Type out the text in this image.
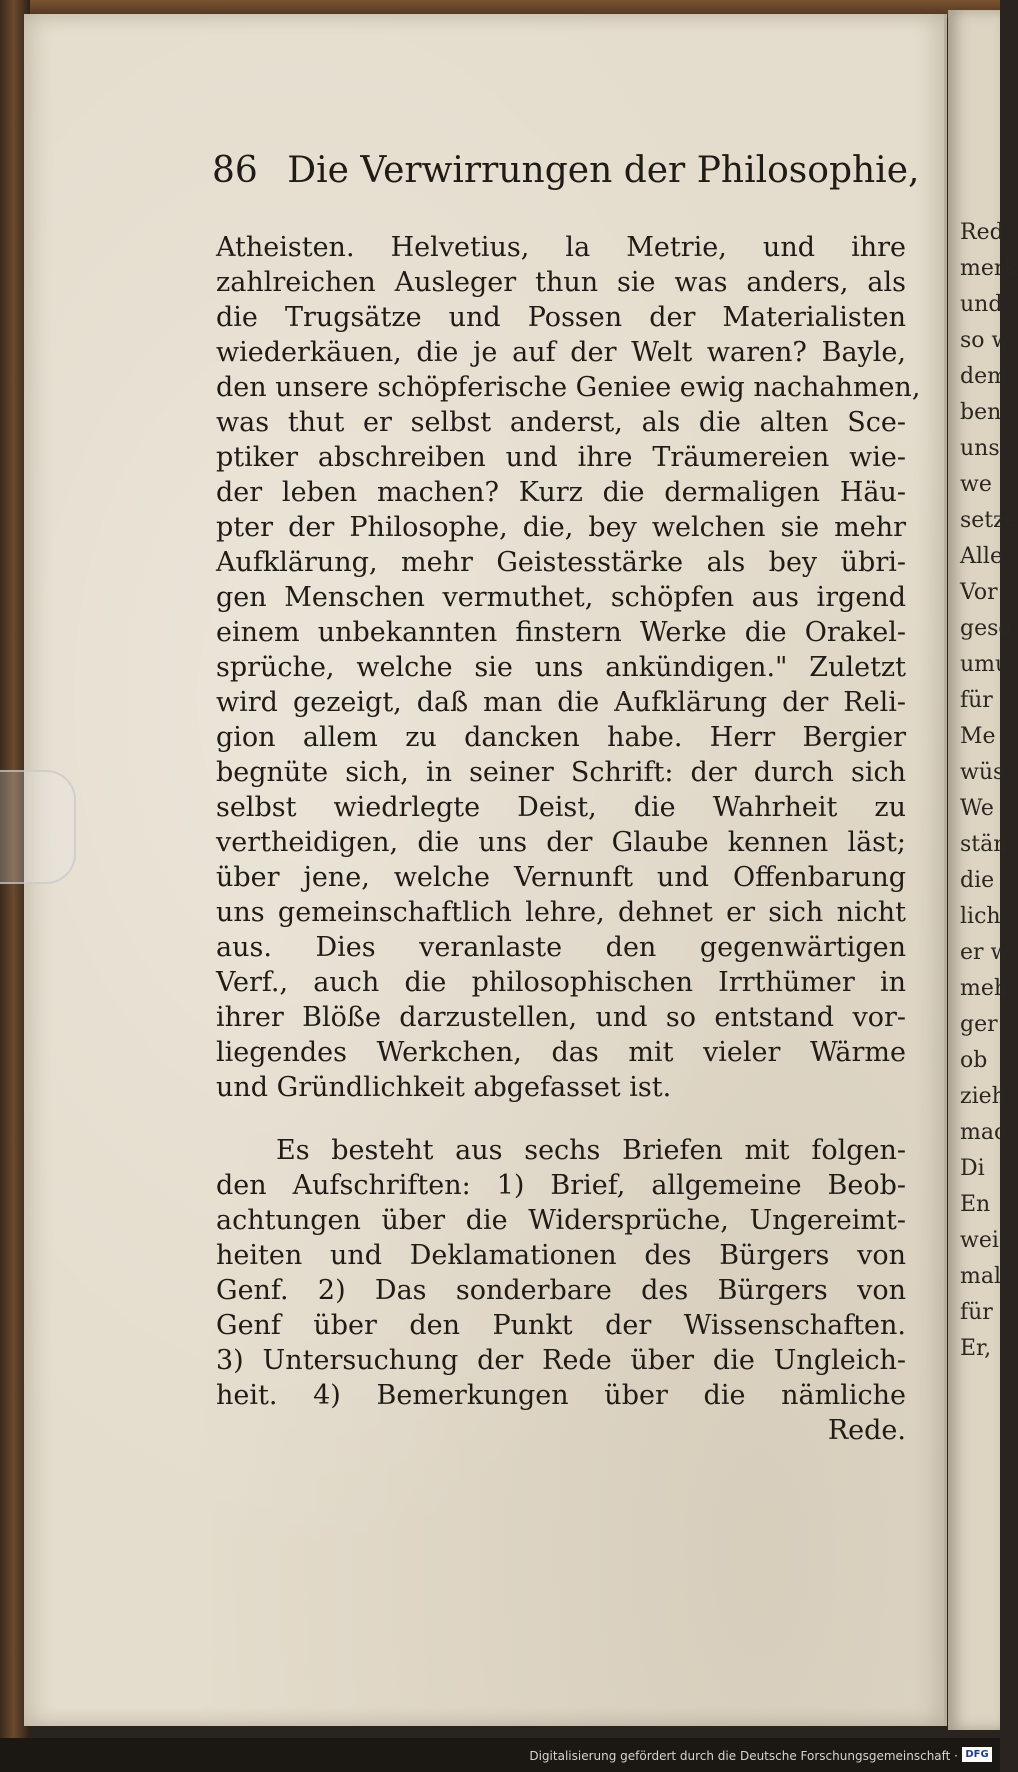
Red
merk
und
so w
dem
ben
uns
we
setze
Alle
Vor
gese
umu
für
Me
wüs
We
stän
die
lich.
er w
meh
ger
ob
zieh
mac
Di
En
wei
mal
für
Er,
86 Die Verwirrungen der Philosophie,
Atheisten. Helvetius, la Metrie, und ihre
zahlreichen Ausleger thun sie was anders, als
die Trugsätze und Possen der Materialisten
wiederkäuen, die je auf der Welt waren? Bayle,
den unsere schöpferische Geniee ewig nachahmen,
was thut er selbst anderst, als die alten Sce-
ptiker abschreiben und ihre Träumereien wie-
der leben machen? Kurz die dermaligen Häu-
pter der Philosophe, die, bey welchen sie mehr
Aufklärung, mehr Geistesstärke als bey übri-
gen Menschen vermuthet, schöpfen aus irgend
einem unbekannten finstern Werke die Orakel-
sprüche, welche sie uns ankündigen." Zuletzt
wird gezeigt, daß man die Aufklärung der Reli-
gion allem zu dancken habe. Herr Bergier
begnüte sich, in seiner Schrift: der durch sich
selbst wiedrlegte Deist, die Wahrheit zu
vertheidigen, die uns der Glaube kennen läst;
über jene, welche Vernunft und Offenbarung
uns gemeinschaftlich lehre, dehnet er sich nicht
aus. Dies veranlaste den gegenwärtigen
Verf., auch die philosophischen Irrthümer in
ihrer Blöße darzustellen, und so entstand vor-
liegendes Werkchen, das mit vieler Wärme
und Gründlichkeit abgefasset ist.
Es besteht aus sechs Briefen mit folgen-
den Aufschriften: 1) Brief, allgemeine Beob-
achtungen über die Widersprüche, Ungereimt-
heiten und Deklamationen des Bürgers von
Genf. 2) Das sonderbare des Bürgers von
Genf über den Punkt der Wissenschaften.
3) Untersuchung der Rede über die Ungleich-
heit. 4) Bemerkungen über die nämliche
Rede.
Digitalisierung gefördert durch die Deutsche Forschungsgemeinschaft · DFG
